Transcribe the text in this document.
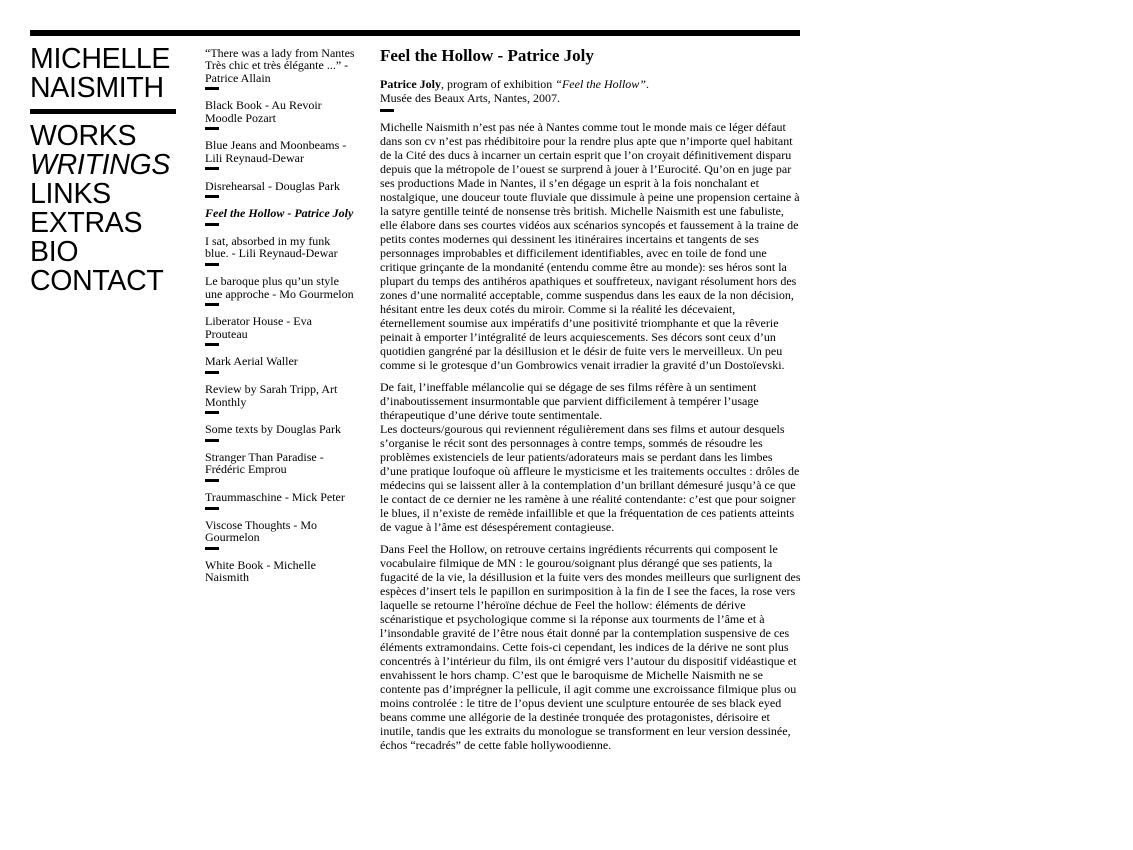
MICHELLE
NAISMITH
WORKS
WRITINGS
LINKS
EXTRAS
BIO
CONTACT
“There was a lady from Nantes Très chic et très élégante ...” - Patrice Allain
Black Book - Au Revoir Moodle Pozart
Blue Jeans and Moonbeams - Lili Reynaud-Dewar
Disrehearsal - Douglas Park
Feel the Hollow - Patrice Joly
I sat, absorbed in my funk blue. - Lili Reynaud-Dewar
Le baroque plus qu’un style une approche - Mo Gourmelon
Liberator House - Eva Prouteau
Mark Aerial Waller
Review by Sarah Tripp, Art Monthly
Some texts by Douglas Park
Stranger Than Paradise - Frédéric Emprou
Traummaschine - Mick Peter
Viscose Thoughts - Mo Gourmelon
White Book - Michelle Naismith
Feel the Hollow - Patrice Joly

Patrice Joly, program of exhibition “Feel the Hollow”.
Musée des Beaux Arts, Nantes, 2007.

Michelle Naismith n’est pas née à Nantes comme tout le monde mais ce léger défaut dans son cv n’est pas rhédibitoire pour la rendre plus apte que n’importe quel habitant de la Cité des ducs à incarner un certain esprit que l’on croyait définitivement disparu depuis que la métropole de l’ouest se surprend à jouer à l’Eurocité. Qu’on en juge par ses productions Made in Nantes, il s’en dégage un esprit à la fois nonchalant et nostalgique, une douceur toute fluviale que dissimule à peine une propension certaine à la satyre gentille teinté de nonsense très british. Michelle Naismith est une fabuliste, elle élabore dans ses courtes vidéos aux scénarios syncopés et faussement à la traine de petits contes modernes qui dessinent les itinéraires incertains et tangents de ses personnages improbables et difficilement identifiables, avec en toile de fond une critique grinçante de la mondanité (entendu comme être au monde): ses héros sont la plupart du temps des antihéros apathiques et souffreteux, navigant résolument hors des zones d’une normalité acceptable, comme suspendus dans les eaux de la non décision, hésitant entre les deux cotés du miroir. Comme si la réalité les décevaient, éternellement soumise aux impératifs d’une positivité triomphante et que la rêverie peinait à emporter l’intégralité de leurs acquiescements. Ses décors sont ceux d’un quotidien gangréné par la désillusion et le désir de fuite vers le merveilleux. Un peu comme si le grotesque d’un Gombrowics venait irradier la gravité d’un Dostoïevski.

De fait, l’ineffable mélancolie qui se dégage de ses films réfère à un sentiment d’inaboutissement insurmontable que parvient difficilement à tempérer l’usage thérapeutique d’une dérive toute sentimentale.

Les docteurs/gourous qui reviennent régulièrement dans ses films et autour desquels s’organise le récit sont des personnages à contre temps, sommés de résoudre les problèmes existenciels de leur patients/adorateurs mais se perdant dans les limbes d’une pratique loufoque où affleure le mysticisme et les traitements occultes : drôles de médecins qui se laissent aller à la contemplation d’un brillant démesuré jusqu’à ce que le contact de ce dernier ne les ramène à une réalité contendante: c’est que pour soigner le blues, il n’existe de remède infaillible et que la fréquentation de ces patients atteints de vague à l’âme est désespérement contagieuse.

Dans Feel the Hollow, on retrouve certains ingrédients récurrents qui composent le vocabulaire filmique de MN : le gourou/soignant plus dérangé que ses patients, la fugacité de la vie, la désillusion et la fuite vers des mondes meilleurs que surlignent des espèces d’insert tels le papillon en surimposition à la fin de I see the faces, la rose vers laquelle se retourne l’héroïne déchue de Feel the hollow: éléments de dérive scénaristique et psychologique comme si la réponse aux tourments de l’âme et à l’insondable gravité de l’être nous était donné par la contemplation suspensive de ces éléments extramondains. Cette fois-ci cependant, les indices de la dérive ne sont plus concentrés à l’intérieur du film, ils ont émigré vers l’autour du dispositif vidéastique et envahissent le hors champ. C’est que le baroquisme de Michelle Naismith ne se contente pas d’imprégner la pellicule, il agit comme une excroissance filmique plus ou moins controlée : le titre de l’opus devient une sculpture entourée de ses black eyed beans comme une allégorie de la destinée tronquée des protagonistes, dérisoire et inutile, tandis que les extraits du monologue se transforment en leur version dessinée, échos “recadrés” de cette fable hollywoodienne.
